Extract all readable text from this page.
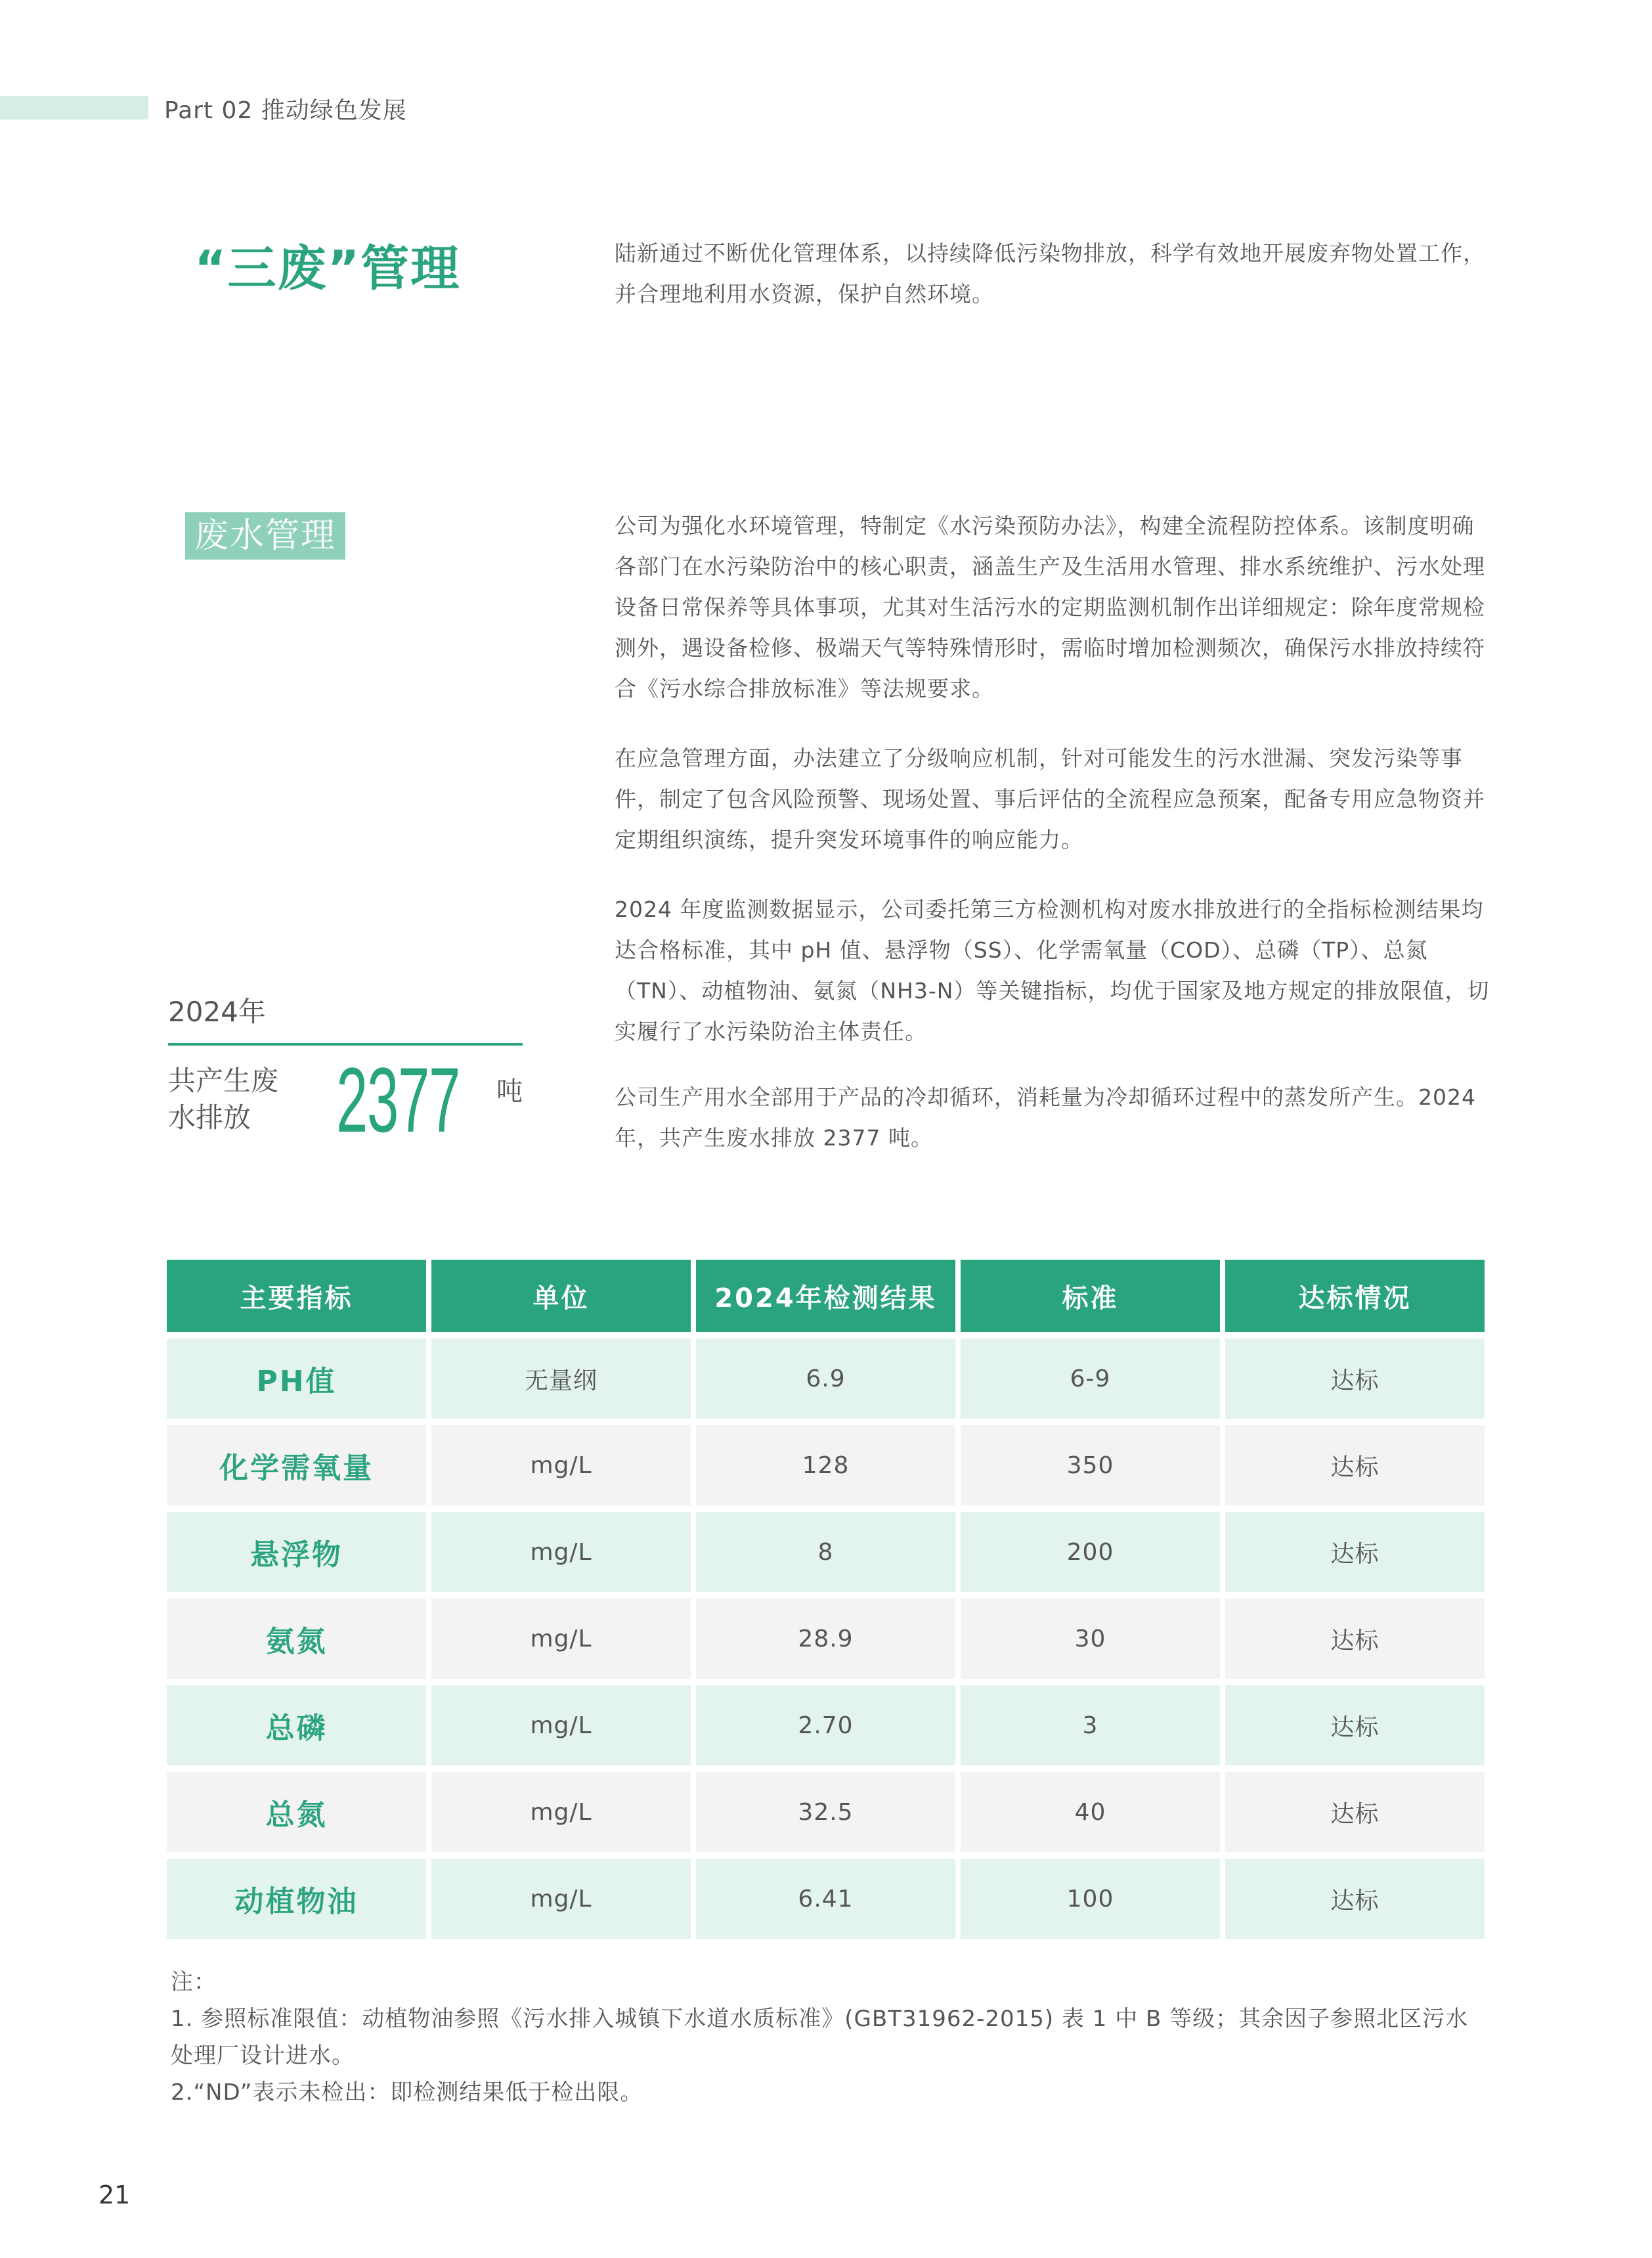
Part 02 推动绿色发展
“三废”管理	陆新通过不断优化管理体系，以持续降低污染物排放，科学有效地开展废弃物处置工作，并合理地利用水资源，保护自然环境。
废水管理	公司为强化水环境管理，特制定《水污染预防办法》，构建全流程防控体系。该制度明确各部门在水污染防治中的核心职责，涵盖生产及生活用水管理、排水系统维护、污水处理设备日常保养等具体事项，尤其对生活污水的定期监测机制作出详细规定：除年度常规检测外，遇设备检修、极端天气等特殊情形时，需临时增加检测频次，确保污水排放持续符合《污水综合排放标准》等法规要求。
在应急管理方面，办法建立了分级响应机制，针对可能发生的污水泄漏、突发污染等事件，制定了包含风险预警、现场处置、事后评估的全流程应急预案，配备专用应急物资并定期组织演练，提升突发环境事件的响应能力。
2024 年度监测数据显示，公司委托第三方检测机构对废水排放进行的全指标检测结果均达合格标准，其中 pH 值、悬浮物（SS）、化学需氧量（COD）、总磷（TP）、总氮（TN）、动植物油、氨氮（NH3-N）等关键指标，均优于国家及地方规定的排放限值，切实履行了水污染防治主体责任。
公司生产用水全部用于产品的冷却循环，消耗量为冷却循环过程中的蒸发所产生。2024 年，共产生废水排放 2377 吨。
2024年
共产生废水排放 2377 吨
主要指标	单位	2024年检测结果	标准	达标情况
PH值	无量纲	6.9	6-9	达标
化学需氧量	mg/L	128	350	达标
悬浮物	mg/L	8	200	达标
氨氮	mg/L	28.9	30	达标
总磷	mg/L	2.70	3	达标
总氮	mg/L	32.5	40	达标
动植物油	mg/L	6.41	100	达标
注：
1. 参照标准限值：动植物油参照《污水排入城镇下水道水质标准》(GBT31962-2015) 表 1 中 B 等级；其余因子参照北区污水处理厂设计进水。
2.“ND”表示未检出：即检测结果低于检出限。
21
